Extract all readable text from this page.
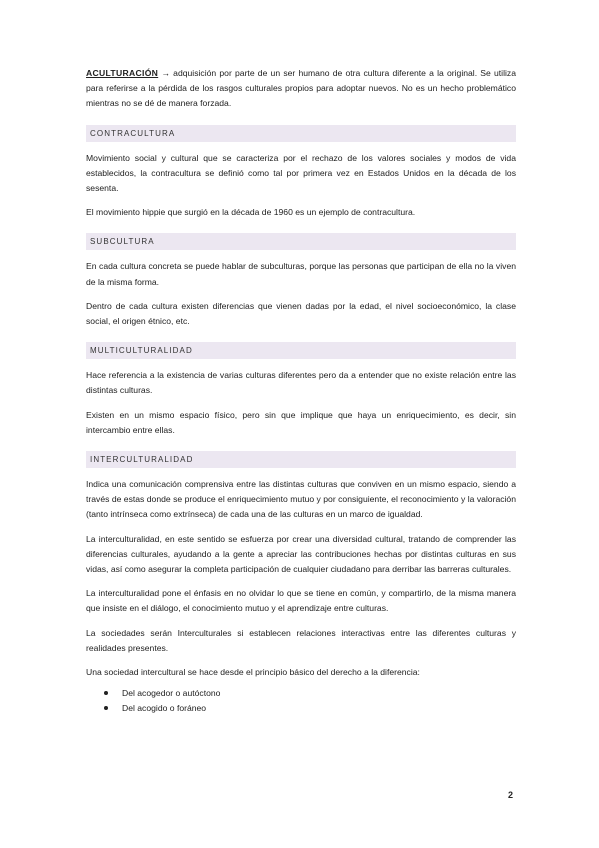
ACULTURACIÓN → adquisición por parte de un ser humano de otra cultura diferente a la original. Se utiliza para referirse a la pérdida de los rasgos culturales propios para adoptar nuevos. No es un hecho problemático mientras no se dé de manera forzada.

CONTRACULTURA

Movimiento social y cultural que se caracteriza por el rechazo de los valores sociales y modos de vida establecidos, la contracultura se definió como tal por primera vez en Estados Unidos en la década de los sesenta.

El movimiento hippie que surgió en la década de 1960 es un ejemplo de contracultura.

SUBCULTURA

En cada cultura concreta se puede hablar de subculturas, porque las personas que participan de ella no la viven de la misma forma.

Dentro de cada cultura existen diferencias que vienen dadas por la edad, el nivel socioeconómico, la clase social, el origen étnico, etc.

MULTICULTURALIDAD

Hace referencia a la existencia de varias culturas diferentes pero da a entender que no existe relación entre las distintas culturas.

Existen en un mismo espacio físico, pero sin que implique que haya un enriquecimiento, es decir, sin intercambio entre ellas.

INTERCULTURALIDAD

Indica una comunicación comprensiva entre las distintas culturas que conviven en un mismo espacio, siendo a través de estas donde se produce el enriquecimiento mutuo y por consiguiente, el reconocimiento y la valoración (tanto intrínseca como extrínseca) de cada una de las culturas en un marco de igualdad.

La interculturalidad, en este sentido se esfuerza por crear una diversidad cultural, tratando de comprender las diferencias culturales, ayudando a la gente a apreciar las contribuciones hechas por distintas culturas en sus vidas, así como asegurar la completa participación de cualquier ciudadano para derribar las barreras culturales.

La interculturalidad pone el énfasis en no olvidar lo que se tiene en común, y compartirlo, de la misma manera que insiste en el diálogo, el conocimiento mutuo y el aprendizaje entre culturas.

La sociedades serán Interculturales si establecen relaciones interactivas entre las diferentes culturas y realidades presentes.

Una sociedad intercultural se hace desde el principio básico del derecho a la diferencia:

Del acogedor o autóctono
Del acogido o foráneo
2
